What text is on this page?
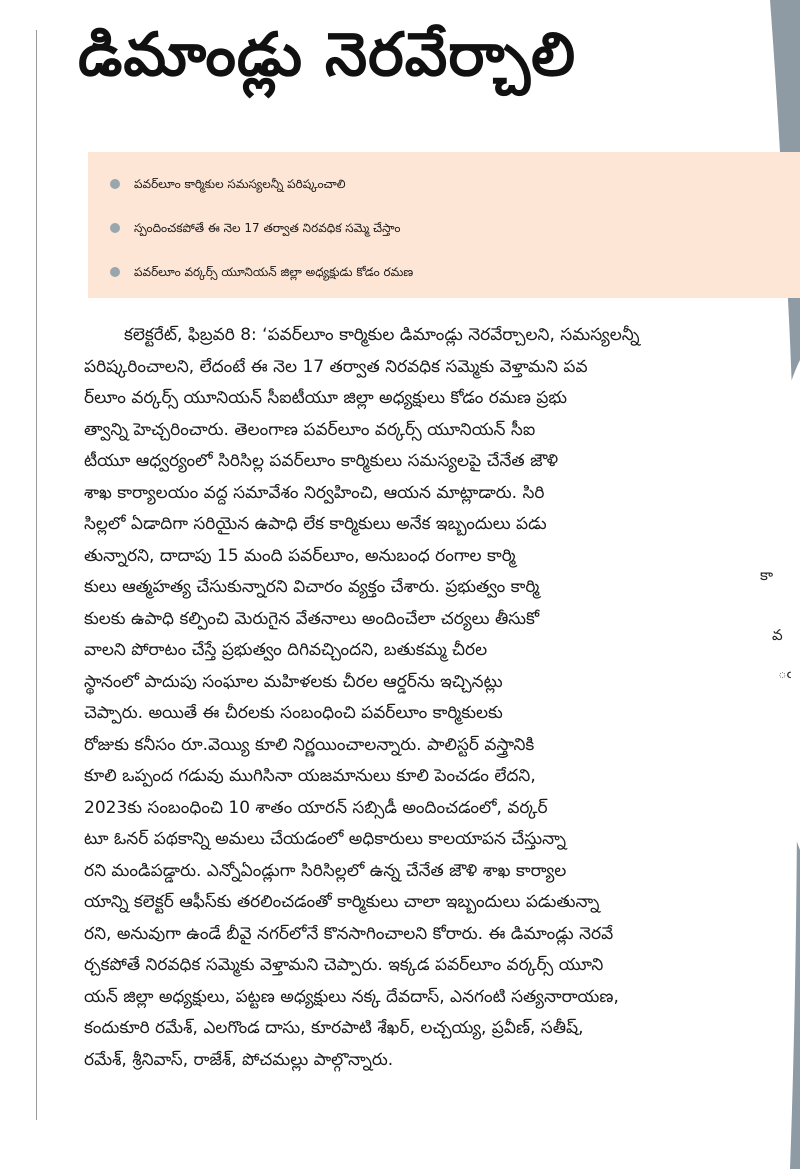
కా
వ
ఁ
డిమాండ్లు నెరవేర్చాలి
పవర్‌లూం కార్మికుల సమస్యలన్నీ పరిష్కంచాలి
స్పందించకపోతే ఈ నెల 17 తర్వాత నిరవధిక సమ్మె చేస్తాం
పవర్‌లూం వర్కర్స్ యూనియన్ జిల్లా అధ్యక్షుడు కోడం రమణ
కలెక్టరేట్, ఫిబ్రవరి 8: ‘పవర్‌లూం కార్మికుల డిమాండ్లు నెరవేర్చాలని, సమస్యలన్నీ
పరిష్కరించాలని, లేదంటే ఈ నెల 17 తర్వాత నిరవధిక సమ్మెకు వెళ్తామని పవ
ర్‌లూం వర్కర్స్ యూనియన్ సీఐటీయూ జిల్లా అధ్యక్షులు కోడం రమణ ప్రభు
త్వాన్ని హెచ్చరించారు. తెలంగాణ పవర్‌లూం వర్కర్స్ యూనియన్ సీఐ
టీయూ ఆధ్వర్యంలో సిరిసిల్ల పవర్‌లూం కార్మికులు సమస్యలపై చేనేత జౌళి
శాఖ కార్యాలయం వద్ద సమావేశం నిర్వహించి, ఆయన మాట్లాడారు. సిరి
సిల్లలో ఏడాదిగా సరియైన ఉపాధి లేక కార్మికులు అనేక ఇబ్బందులు పడు
తున్నారని, దాదాపు 15 మంది పవర్‌లూం, అనుబంధ రంగాల కార్మి
కులు ఆత్మహత్య చేసుకున్నారని విచారం వ్యక్తం చేశారు. ప్రభుత్వం కార్మి
కులకు ఉపాధి కల్పించి మెరుగైన వేతనాలు అందించేలా చర్యలు తీసుకో
వాలని పోరాటం చేస్తే ప్రభుత్వం దిగివచ్చిందని, బతుకమ్మ చీరల
స్థానంలో పాదుపు సంఘాల మహిళలకు చీరల ఆర్డర్‌ను ఇచ్చినట్లు
చెప్పారు. అయితే ఈ చీరలకు సంబంధించి పవర్‌లూం కార్మికులకు
రోజుకు కనీసం రూ.వెయ్యి కూలి నిర్ణయించాలన్నారు. పాలిస్టర్ వస్త్రానికి
కూలి ఒప్పంద గడువు ముగిసినా యజమానులు కూలి పెంచడం లేదని,
2023కు సంబంధించి 10 శాతం యారన్ సబ్సిడీ అందించడంలో, వర్కర్
టూ ఓనర్ పథకాన్ని అమలు చేయడంలో అధికారులు కాలయాపన చేస్తున్నా
రని మండిపడ్డారు. ఎన్నోఏండ్లుగా సిరిసిల్లలో ఉన్న చేనేత జౌళి శాఖ కార్యాల
యాన్ని కలెక్టర్ ఆఫీస్‌కు తరలించడంతో కార్మికులు చాలా ఇబ్బందులు పడుతున్నా
రని, అనువుగా ఉండే బీవై నగర్‌లోనే కొనసాగించాలని కోరారు. ఈ డిమాండ్లు నెరవే
ర్చకపోతే నిరవధిక సమ్మెకు వెళ్తామని చెప్పారు. ఇక్కడ పవర్‌లూం వర్కర్స్ యూని
యన్ జిల్లా అధ్యక్షులు, పట్టణ అధ్యక్షులు నక్క దేవదాస్, ఎనగంటి సత్యనారాయణ,
కందుకూరి రమేశ్, ఎలగొండ దాసు, కూరపాటి శేఖర్, లచ్చయ్య, ప్రవీణ్, సతీష్,
రమేశ్, శ్రీనివాస్, రాజేశ్, పోచమల్లు పాల్గొన్నారు.
